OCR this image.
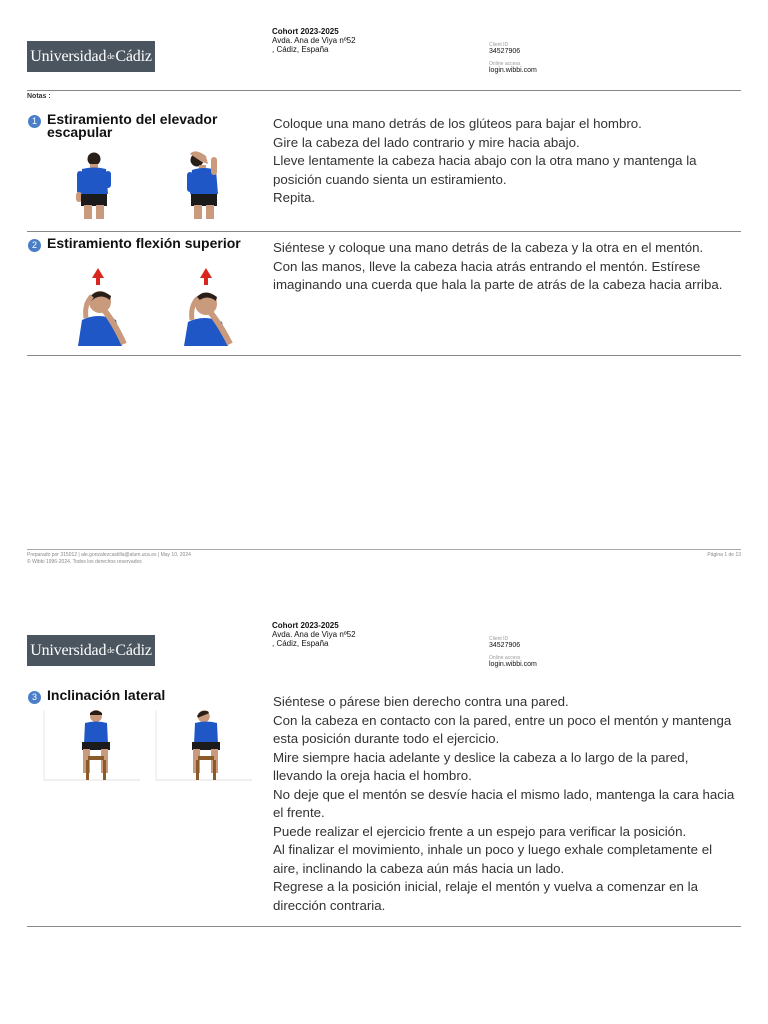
Universidad de Cádiz
Cohort 2023-2025
Avda. Ana de Viya nº52
, Cádiz, España	Client ID
34527906
Online access
login.wibbi.com
Notas :
1 Estiramiento del elevador escapular	Coloque una mano detrás de los glúteos para bajar el hombro.
Gire la cabeza del lado contrario y mire hacia abajo.
Lleve lentamente la cabeza hacia abajo con la otra mano y mantenga la posición cuando sienta un estiramiento.
Repita.
2 Estiramiento flexión superior	Siéntese y coloque una mano detrás de la cabeza y la otra en el mentón.
Con las manos, lleve la cabeza hacia atrás entrando el mentón. Estírese imaginando una cuerda que hala la parte de atrás de la cabeza hacia arriba.
Preparado por 315012 | ale.gonzalezcastilla@alum.uca.es | May 10, 2024
© Wibbi 1996-2024. Todos los derechos reservados
Página 1 de 13
Universidad de Cádiz
Cohort 2023-2025
Avda. Ana de Viya nº52
, Cádiz, España	Client ID
34527906
Online access
login.wibbi.com
3 Inclinación lateral	Siéntese o párese bien derecho contra una pared.
Con la cabeza en contacto con la pared, entre un poco el mentón y mantenga esta posición durante todo el ejercicio.
Mire siempre hacia adelante y deslice la cabeza a lo largo de la pared, llevando la oreja hacia el hombro.
No deje que el mentón se desvíe hacia el mismo lado, mantenga la cara hacia el frente.
Puede realizar el ejercicio frente a un espejo para verificar la posición.
Al finalizar el movimiento, inhale un poco y luego exhale completamente el aire, inclinando la cabeza aún más hacia un lado.
Regrese a la posición inicial, relaje el mentón y vuelva a comenzar en la dirección contraria.
